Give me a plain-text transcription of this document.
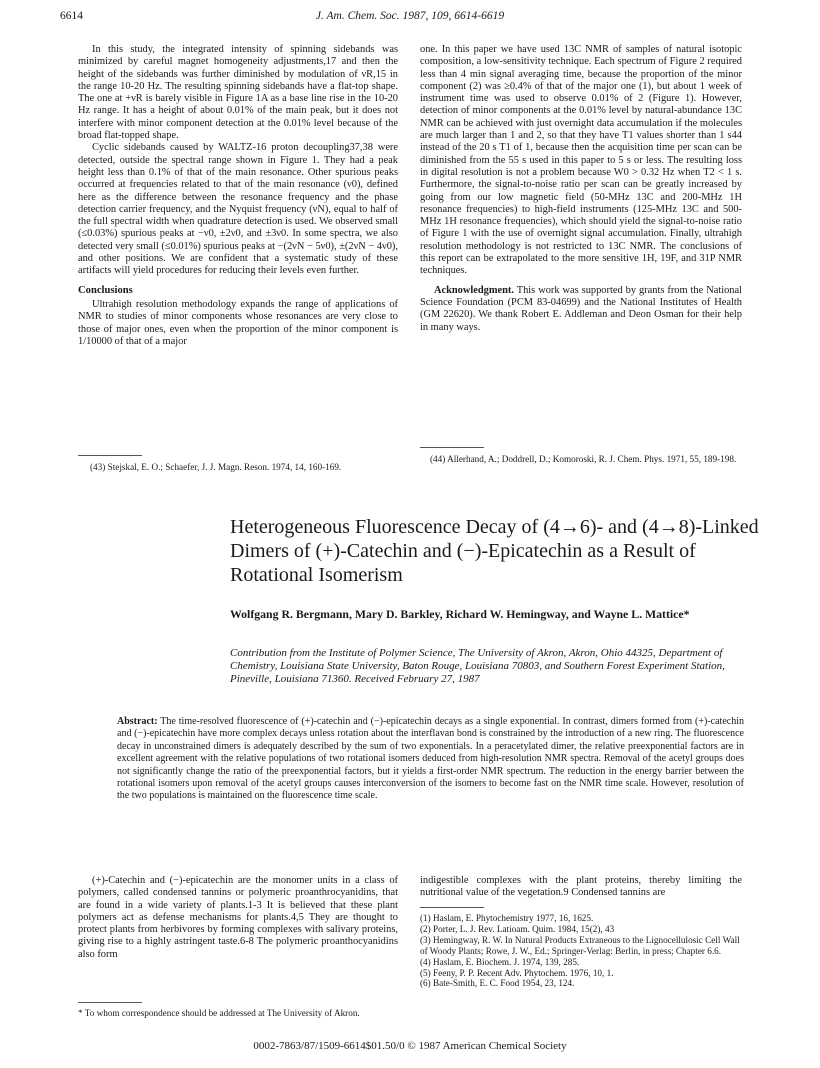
6614	J. Am. Chem. Soc. 1987, 109, 6614-6619

In this study, the integrated intensity of spinning sidebands was minimized by careful magnet homogeneity adjustments,17 and then the height of the sidebands was further diminished by modulation of νR,15 in the range 10-20 Hz. The resulting spinning sidebands have a flat-top shape. The one at +νR is barely visible in Figure 1A as a base line rise in the 10-20 Hz range. It has a height of about 0.01% of the main peak, but it does not interfere with minor component detection at the 0.01% level because of the broad flat-topped shape.

Cyclic sidebands caused by WALTZ-16 proton decoupling37,38 were detected, outside the spectral range shown in Figure 1. They had a peak height less than 0.1% of that of the main resonance. Other spurious peaks occurred at frequencies related to that of the main resonance (ν0), defined here as the difference between the resonance frequency and the phase detection carrier frequency, and the Nyquist frequency (νN), equal to half of the full spectral width when quadrature detection is used. We observed small (≤0.03%) spurious peaks at −ν0, ±2ν0, and ±3ν0. In some spectra, we also detected very small (≤0.01%) spurious peaks at −(2νN − 5ν0), ±(2νN − 4ν0), and other positions. We are confident that a systematic study of these artifacts will yield procedures for reducing their levels even further.

Conclusions

Ultrahigh resolution methodology expands the range of applications of NMR to studies of minor components whose resonances are very close to those of major ones, even when the proportion of the minor component is 1/10000 of that of a major

one. In this paper we have used 13C NMR of samples of natural isotopic composition, a low-sensitivity technique. Each spectrum of Figure 2 required less than 4 min signal averaging time, because the proportion of the minor component (2) was ≥0.4% of that of the major one (1), but about 1 week of instrument time was used to observe 0.01% of 2 (Figure 1). However, detection of minor components at the 0.01% level by natural-abundance 13C NMR can be achieved with just overnight data accumulation if the molecules are much larger than 1 and 2, so that they have T1 values shorter than 1 s44 instead of the 20 s T1 of 1, because then the acquisition time per scan can be diminished from the 55 s used in this paper to 5 s or less. The resulting loss in digital resolution is not a problem because W0 > 0.32 Hz when T2 < 1 s. Furthermore, the signal-to-noise ratio per scan can be greatly increased by going from our low magnetic field (50-MHz 13C and 200-MHz 1H resonance frequencies) to high-field instruments (125-MHz 13C and 500-MHz 1H resonance frequencies), which should yield the signal-to-noise ratio of Figure 1 with the use of overnight signal accumulation. Finally, ultrahigh resolution methodology is not restricted to 13C NMR. The conclusions of this report can be extrapolated to the more sensitive 1H, 19F, and 31P NMR techniques.

Acknowledgment. This work was supported by grants from the National Science Foundation (PCM 83-04699) and the National Institutes of Health (GM 22620). We thank Robert E. Addleman and Deon Osman for their help in many ways.

(43) Stejskal, E. O.; Schaefer, J. J. Magn. Reson. 1974, 14, 160-169.
(44) Allerhand, A.; Doddrell, D.; Komoroski, R. J. Chem. Phys. 1971, 55, 189-198.
Heterogeneous Fluorescence Decay of (4→6)- and (4→8)-Linked Dimers of (+)-Catechin and (−)-Epicatechin as a Result of Rotational Isomerism
Wolfgang R. Bergmann, Mary D. Barkley, Richard W. Hemingway, and Wayne L. Mattice*
Contribution from the Institute of Polymer Science, The University of Akron, Akron, Ohio 44325, Department of Chemistry, Louisiana State University, Baton Rouge, Louisiana 70803, and Southern Forest Experiment Station, Pineville, Louisiana 71360. Received February 27, 1987
Abstract: The time-resolved fluorescence of (+)-catechin and (−)-epicatechin decays as a single exponential. In contrast, dimers formed from (+)-catechin and (−)-epicatechin have more complex decays unless rotation about the interflavan bond is constrained by the introduction of a new ring. The fluorescence decay in unconstrained dimers is adequately described by the sum of two exponentials. In a peracetylated dimer, the relative preexponential factors are in excellent agreement with the relative populations of two rotational isomers deduced from high-resolution NMR spectra. Removal of the acetyl groups does not significantly change the ratio of the preexponential factors, but it yields a first-order NMR spectrum. The reduction in the energy barrier between the rotational isomers upon removal of the acetyl groups causes interconversion of the isomers to become fast on the NMR time scale. However, resolution of the two populations is maintained on the fluorescence time scale.

(+)-Catechin and (−)-epicatechin are the monomer units in a class of polymers, called condensed tannins or polymeric proanthrocyanidins, that are found in a wide variety of plants.1-3 It is believed that these plant polymers act as defense mechanisms for plants.4,5 They are thought to protect plants from herbivores by forming complexes with salivary proteins, giving rise to a highly astringent taste.6-8 The polymeric proanthocyanidins also form

indigestible complexes with the plant proteins, thereby limiting the nutritional value of the vegetation.9 Condensed tannins are

(1) Haslam, E. Phytochemistry 1977, 16, 1625.
(2) Porter, L. J. Rev. Latioam. Quim. 1984, 15(2), 43
(3) Hemingway, R. W. In Natural Products Extraneous to the Lignocellulosic Cell Wall of Woody Plants; Rowe, J. W., Ed.; Springer-Verlag: Berlin, in press; Chapter 6.6.
(4) Haslam, E. Biochem. J. 1974, 139, 285.
(5) Feeny, P. P. Recent Adv. Phytochem. 1976, 10, 1.
(6) Bate-Smith, E. C. Food 1954, 23, 124.
* To whom correspondence should be addressed at The University of Akron.
0002-7863/87/1509-6614$01.50/0 © 1987 American Chemical Society
